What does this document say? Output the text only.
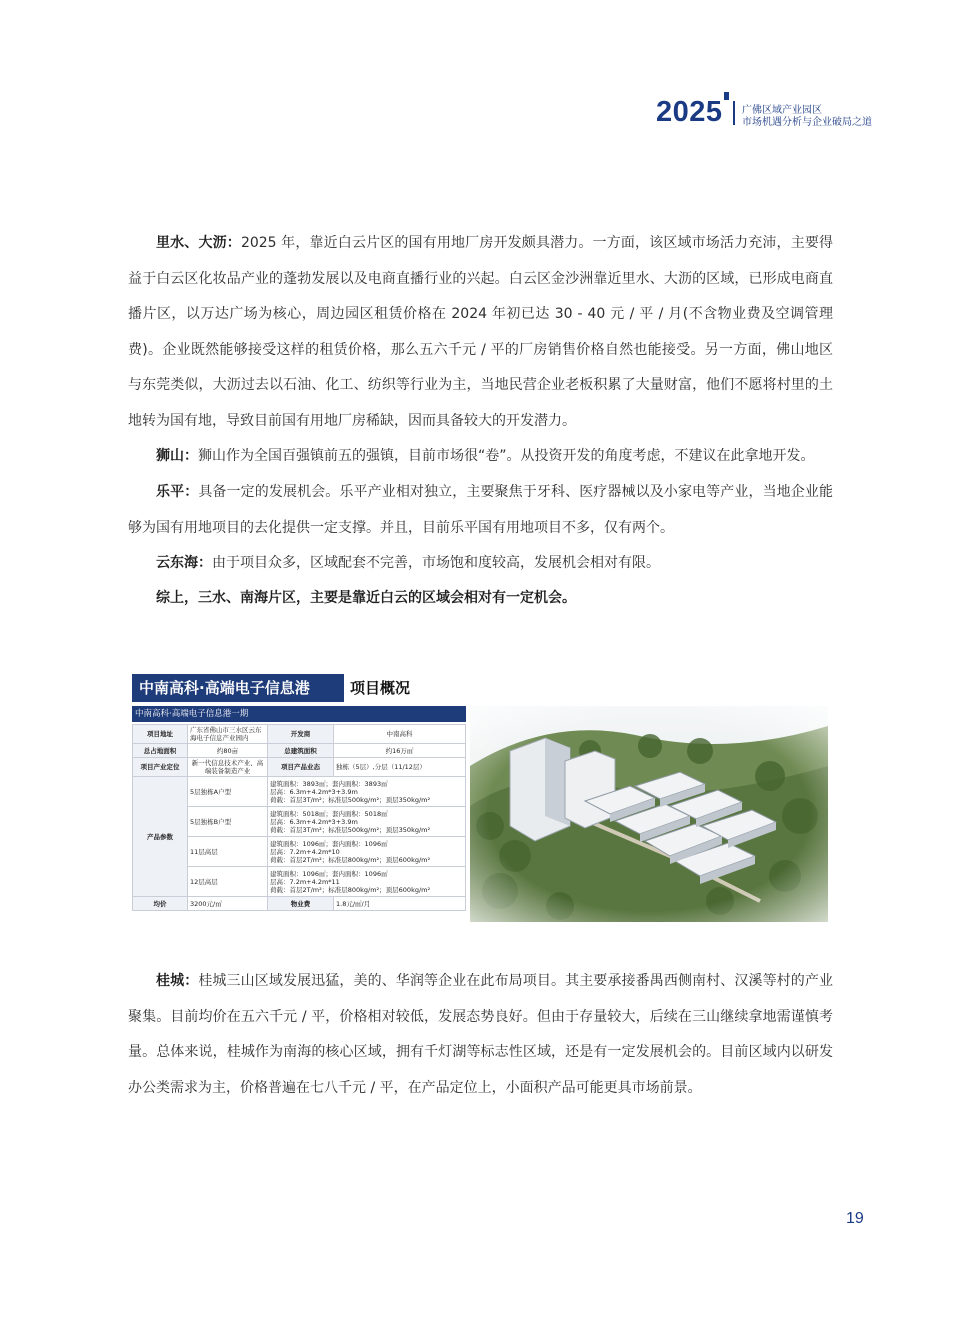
2025 广佛区域产业园区
市场机遇分析与企业破局之道
里水、大沥：2025 年，靠近白云片区的国有用地厂房开发颇具潜力。一方面，该区域市场活力充沛，主要得益于白云区化妆品产业的蓬勃发展以及电商直播行业的兴起。白云区金沙洲靠近里水、大沥的区域，已形成电商直播片区，以万达广场为核心，周边园区租赁价格在 2024 年初已达 30 - 40 元 / 平 / 月(不含物业费及空调管理费)。企业既然能够接受这样的租赁价格，那么五六千元 / 平的厂房销售价格自然也能接受。另一方面，佛山地区与东莞类似，大沥过去以石油、化工、纺织等行业为主，当地民营企业老板积累了大量财富，他们不愿将村里的土地转为国有地，导致目前国有用地厂房稀缺，因而具备较大的开发潜力。
狮山：狮山作为全国百强镇前五的强镇，目前市场很“卷”。从投资开发的角度考虑，不建议在此拿地开发。
乐平：具备一定的发展机会。乐平产业相对独立，主要聚焦于牙科、医疗器械以及小家电等产业，当地企业能够为国有用地项目的去化提供一定支撑。并且，目前乐平国有用地项目不多，仅有两个。
云东海：由于项目众多，区域配套不完善，市场饱和度较高，发展机会相对有限。
综上，三水、南海片区，主要是靠近白云的区域会相对有一定机会。
中南高科·高端电子信息港	项目概况
中南高科·高端电子信息港一期
项目地址	广东省佛山市三水区云东海电子信息产业园内	开发商	中南高科
总占地面积	约80亩	总建筑面积	约16万㎡
项目产业定位	新一代信息技术产业、高端装备制造产业	项目产品业态	独栋（5层）,分层（11/12层）
产品参数	5层独栋A户型	建筑面积：3893㎡；套内面积：3893㎡
层高：6.3m+4.2m*3+3.9m
荷载：首层3T/m²；标准层500kg/m²；顶层350kg/m²	

	5层独栋B户型	建筑面积：5018㎡；套内面积：5018㎡
层高：6.3m+4.2m*3+3.9m
荷载：首层3T/m²；标准层500kg/m²；顶层350kg/m²	

	11层高层	建筑面积：1096㎡；套内面积：1096㎡
层高：7.2m+4.2m*10
荷载：首层2T/m²；标准层800kg/m²；顶层600kg/m²	

	12层高层	建筑面积：1096㎡；套内面积：1096㎡
层高：7.2m+4.2m*11
荷载：首层2T/m²；标准层800kg/m²；顶层600kg/m²	

均价	3200元/㎡	物业费	1.8元/㎡/月
桂城：桂城三山区域发展迅猛，美的、华润等企业在此布局项目。其主要承接番禺西侧南村、汉溪等村的产业聚集。目前均价在五六千元 / 平，价格相对较低，发展态势良好。但由于存量较大，后续在三山继续拿地需谨慎考量。总体来说，桂城作为南海的核心区域，拥有千灯湖等标志性区域，还是有一定发展机会的。目前区域内以研发办公类需求为主，价格普遍在七八千元 / 平，在产品定位上，小面积产品可能更具市场前景。
19
